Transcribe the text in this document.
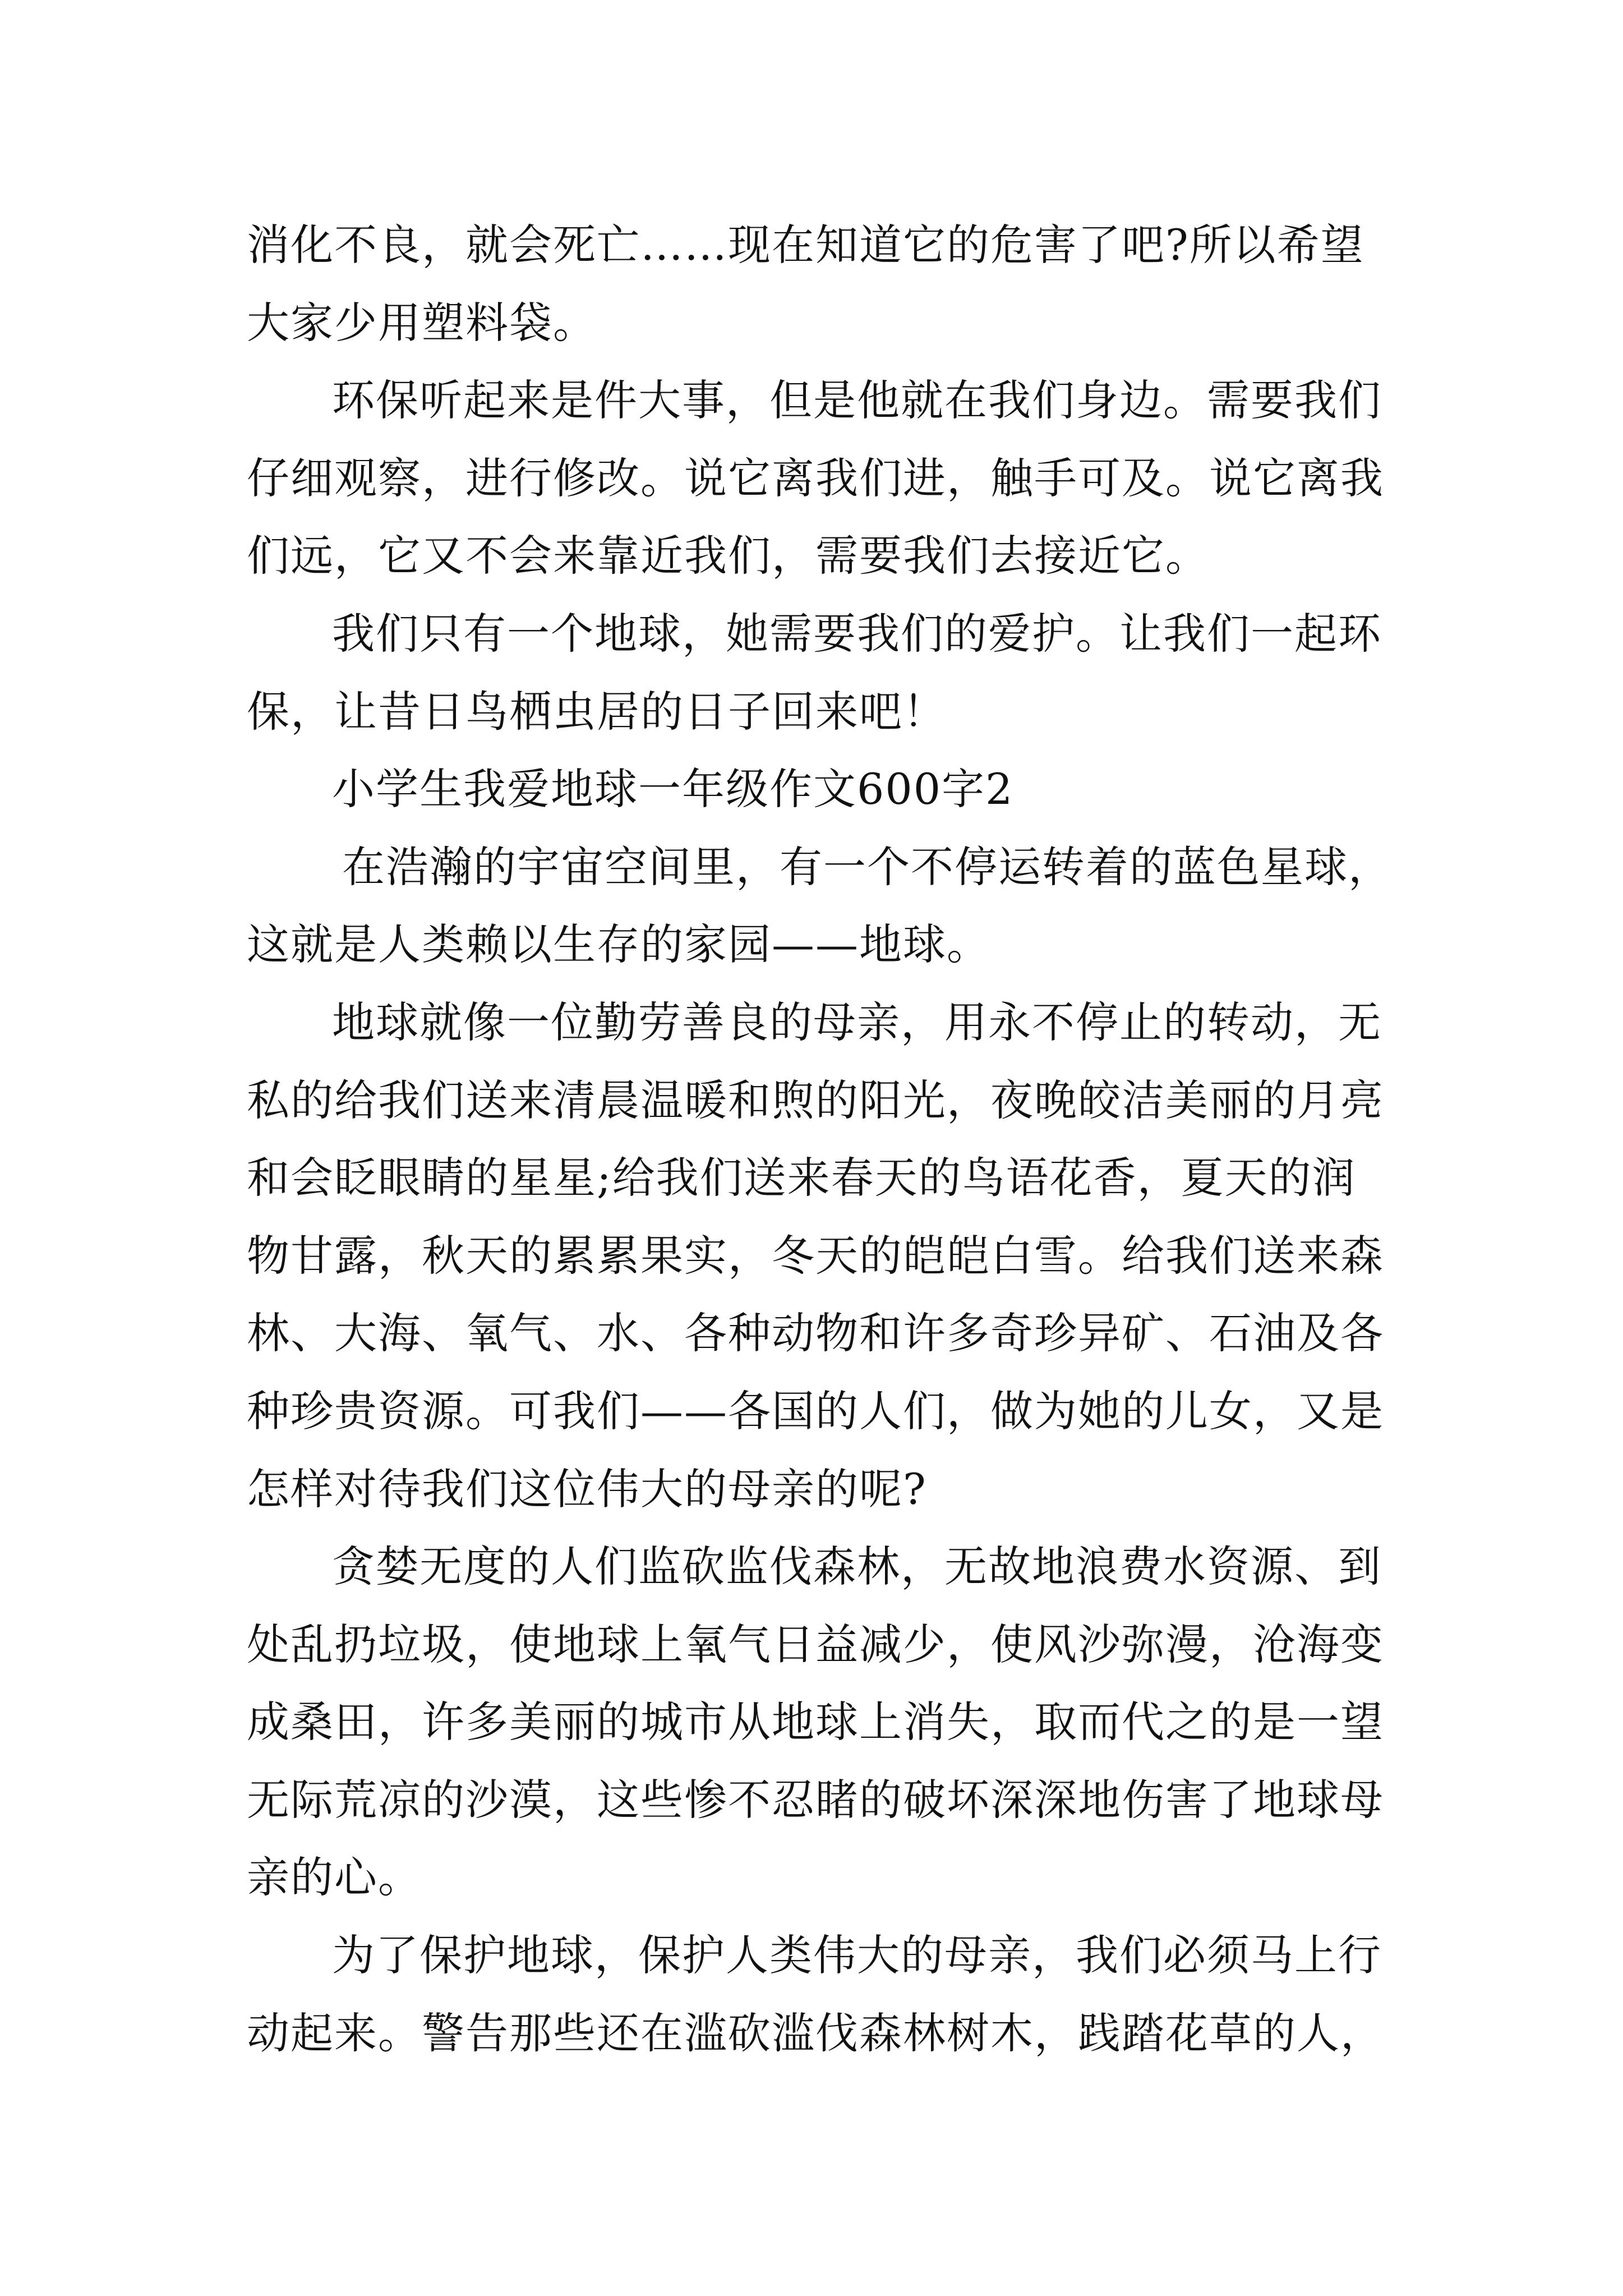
消化不良，就会死亡……现在知道它的危害了吧?所以希望
大家少用塑料袋。
环保听起来是件大事，但是他就在我们身边。需要我们
仔细观察，进行修改。说它离我们进，触手可及。说它离我
们远，它又不会来靠近我们，需要我们去接近它。
我们只有一个地球，她需要我们的爱护。让我们一起环
保，让昔日鸟栖虫居的日子回来吧！
小学生我爱地球一年级作文600字2
在浩瀚的宇宙空间里，有一个不停运转着的蓝色星球，
这就是人类赖以生存的家园——地球。
地球就像一位勤劳善良的母亲，用永不停止的转动，无
私的给我们送来清晨温暖和煦的阳光，夜晚皎洁美丽的月亮
和会眨眼睛的星星;给我们送来春天的鸟语花香，夏天的润
物甘露，秋天的累累果实，冬天的皑皑白雪。给我们送来森
林、大海、氧气、水、各种动物和许多奇珍异矿、石油及各
种珍贵资源。可我们——各国的人们，做为她的儿女，又是
怎样对待我们这位伟大的母亲的呢?
贪婪无度的人们监砍监伐森林，无故地浪费水资源、到
处乱扔垃圾，使地球上氧气日益减少，使风沙弥漫，沧海变
成桑田，许多美丽的城市从地球上消失，取而代之的是一望
无际荒凉的沙漠，这些惨不忍睹的破坏深深地伤害了地球母
亲的心。
为了保护地球，保护人类伟大的母亲，我们必须马上行
动起来。警告那些还在滥砍滥伐森林树木，践踏花草的人，
